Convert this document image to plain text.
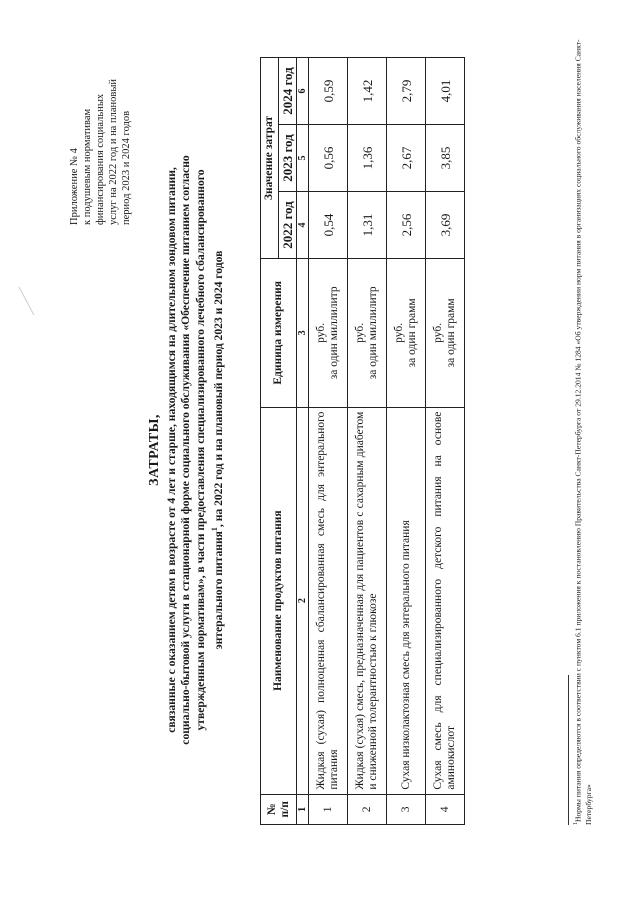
Приложение № 4 к подушевым нормативам финансирования социальных услуг на 2022 год и на плановый период 2023 и 2024 годов
ЗАТРАТЫ, связанные с оказанием детям в возрасте от 4 лет и старше, находящимся на длительном зондовом питании, социально-бытовой услуги в стационарной форме социального обслуживания «Обеспечение питанием согласно утвержденным нормативам», в части предоставления специализированного лечебного сбалансированного энтерального питания$^1$, на 2022 год и на плановый период 2023 и 2024 годов
№ п/п	Наименование продуктов питания	Единица измерения	Значение затрат		
			2022 год	2023 год	2024 год
1	2	3	4	5	6
1	Жидкая (сухая) полноценная сбалансированная смесь для энтерального питания	руб. за один миллилитр	0,54	0,56	0,59
2	Жидкая (сухая) смесь, предназначенная для пациентов с сахарным диабетом и сниженной толерантностью к глюкозе	руб. за один миллилитр	1,31	1,36	1,42
3	Сухая низколактозная смесь для энтерального питания	руб. за один грамм	2,56	2,67	2,79
4	Сухая смесь для специализированного детского питания на основе аминокислот	руб. за один грамм	3,69	3,85	4,01
$^1$Нормы питания определяются в соответствии с пунктом 6.1 приложения к постановлению Правительства Санкт-Петербурга от 29.12.2014 № 1284 «Об утверждении норм питания в организациях социального обслуживания населения Санкт-Петербурга»
